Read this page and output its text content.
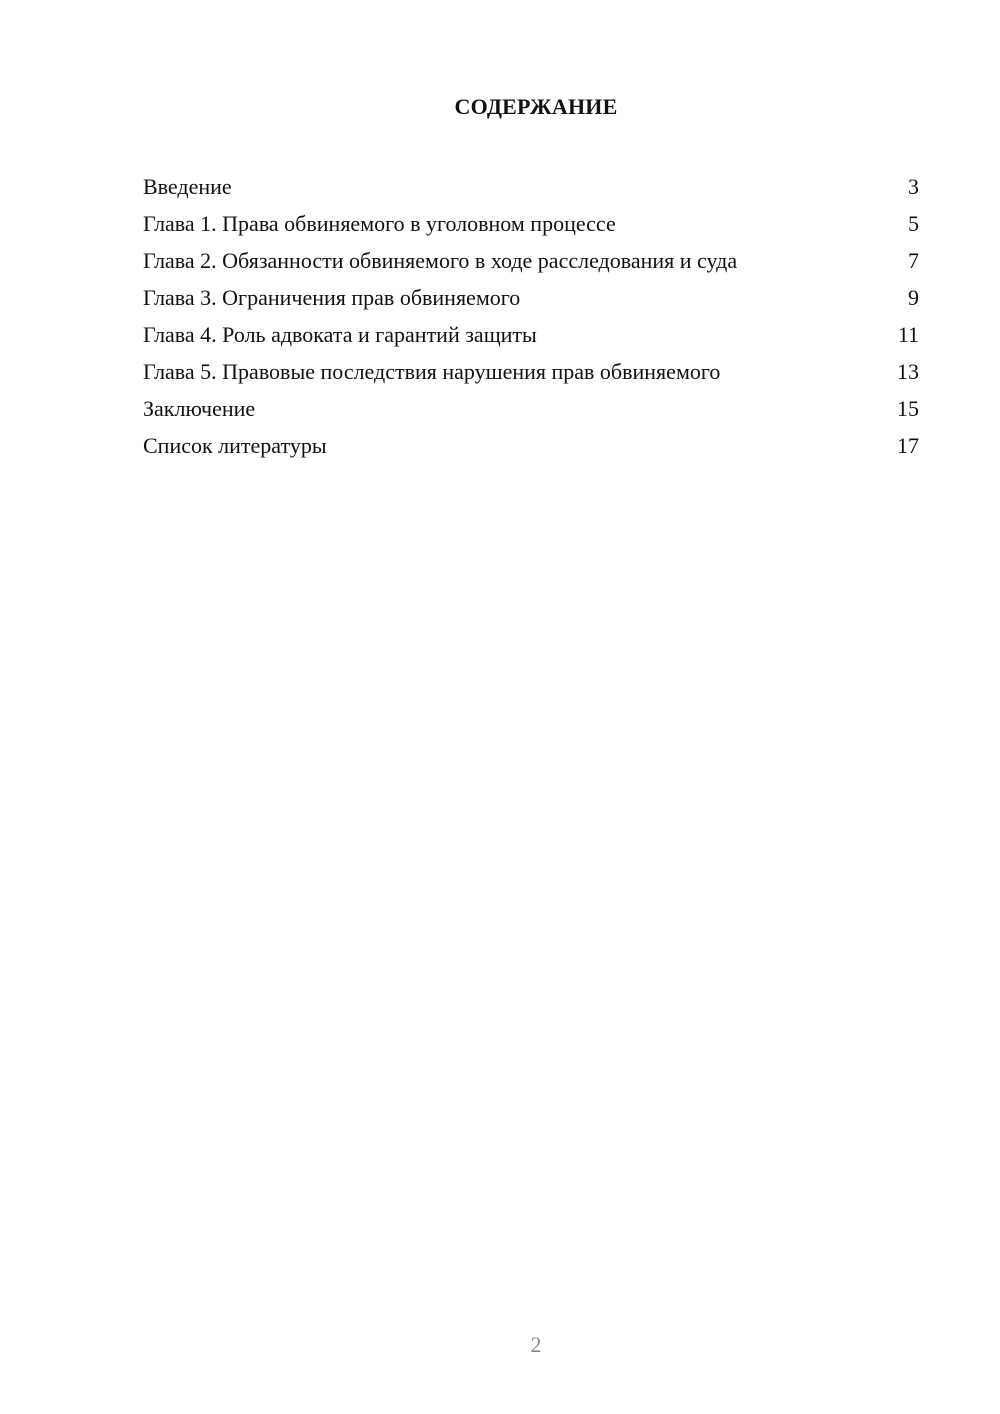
СОДЕРЖАНИЕ
Введение	3
Глава 1. Права обвиняемого в уголовном процессе	5
Глава 2. Обязанности обвиняемого в ходе расследования и суда	7
Глава 3. Ограничения прав обвиняемого	9
Глава 4. Роль адвоката и гарантий защиты	11
Глава 5. Правовые последствия нарушения прав обвиняемого	13
Заключение	15
Список литературы	17
2
